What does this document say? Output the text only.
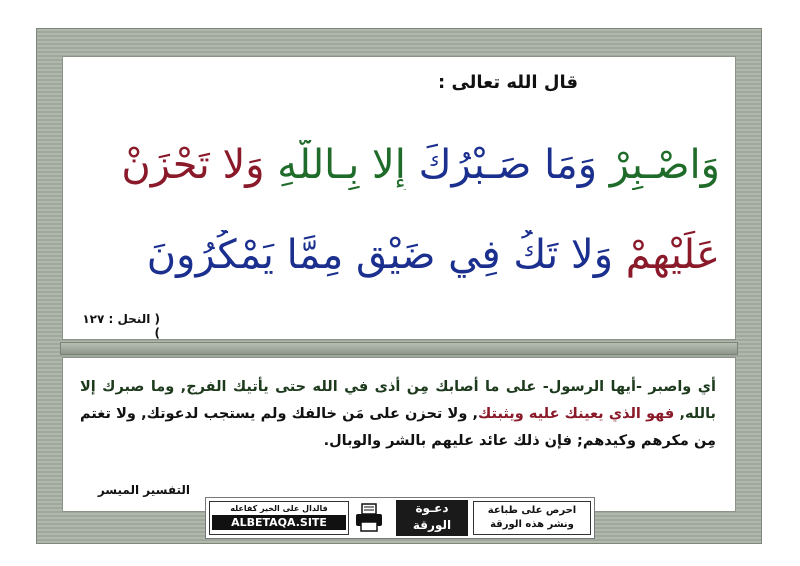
قال الله تعالى :
وَاصْـبِرْ وَمَا صَـبْرُكَ إِلا بِـاللَّهِ وَلا تَحْزَنْ
عَلَيْهِمْ وَلا تَكُ فِي ضَيْقٍ مِمَّا يَمْكُرُونَ
( النحل : ١٢٧ )
أي واصبر -أيها الرسول- على ما أصابك مِن أذى في الله حتى يأتيك الفرج, وما صبرك إلا بالله, فهو الذي يعينك عليه ويثبتك, ولا تحزن على مَن خالفك ولم يستجب لدعوتك, ولا تغتم مِن مكرهم وكيدهم; فإن ذلك عائد عليهم بالشر والوبال.
التفسير الميسر
فالدال على الخير كفاعله
ALBETAQA.SITE
دعـوة
الورقة
احرص على طباعة
ونشر هذه الورقة
